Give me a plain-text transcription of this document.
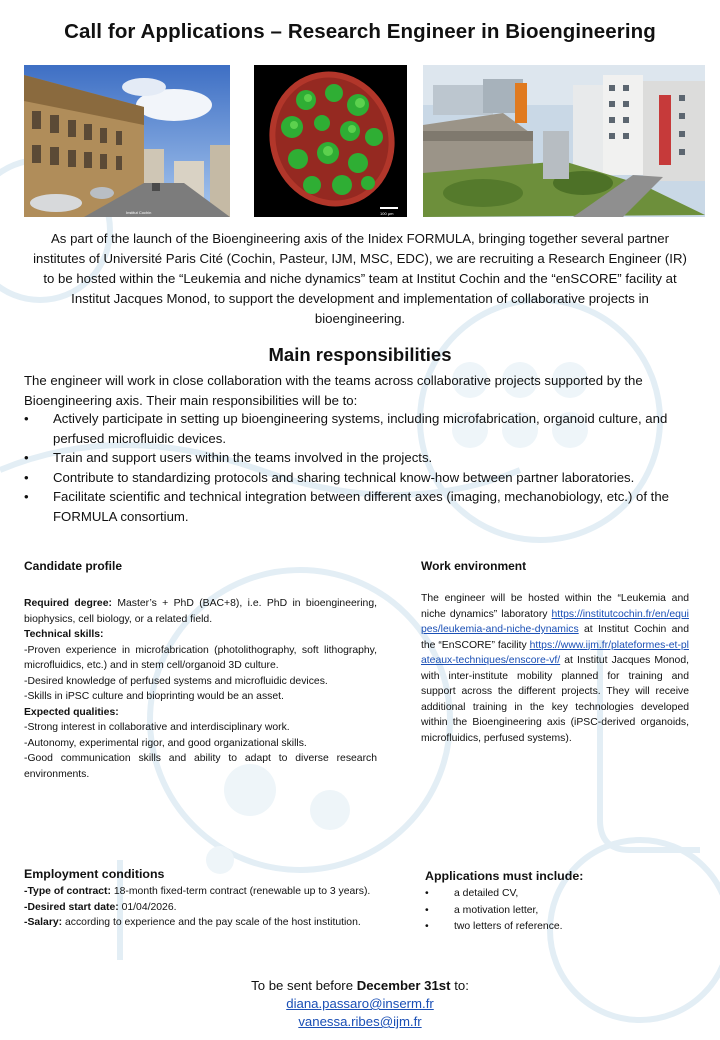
Call for Applications – Research Engineer in Bioengineering
Institut Cochin	100 µm
As part of the launch of the Bioengineering axis of the Inidex FORMULA, bringing together several partner institutes of Université Paris Cité (Cochin, Pasteur, IJM, MSC, EDC), we are recruiting a Research Engineer (IR) to be hosted within the “Leukemia and niche dynamics” team at Institut Cochin and the “enSCORE” facility at Institut Jacques Monod, to support the development and implementation of collaborative projects in bioengineering.
Main responsibilities
The engineer will work in close collaboration with the teams across collaborative projects supported by the Bioengineering axis. Their main responsibilities will be to:
•	Actively participate in setting up bioengineering systems, including microfabrication, organoid culture, and perfused microfluidic devices.
•	Train and support users within the teams involved in the projects.
•	Contribute to standardizing protocols and sharing technical know-how between partner laboratories.
•	Facilitate scientific and technical integration between different axes (imaging, mechanobiology, etc.) of the FORMULA consortium.
Candidate profile
Required degree: Master’s + PhD (BAC+8), i.e. PhD in bioengineering, biophysics, cell biology, or a related field.
Technical skills:
-Proven experience in microfabrication (photolithography, soft lithography, microfluidics, etc.) and in stem cell/organoid 3D culture.
-Desired knowledge of perfused systems and microfluidic devices.
-Skills in iPSC culture and bioprinting would be an asset.
Expected qualities:
-Strong interest in collaborative and interdisciplinary work.
-Autonomy, experimental rigor, and good organizational skills.
-Good communication skills and ability to adapt to diverse research environments.
Work environment
The engineer will be hosted within the “Leukemia and niche dynamics” laboratory https://institutcochin.fr/en/equipes/leukemia-and-niche-dynamics at Institut Cochin and the “EnSCORE” facility https://www.ijm.fr/plateformes-et-plateaux-techniques/enscore-vf/ at Institut Jacques Monod, with inter-institute mobility planned for training and support across the different projects. They will receive additional training in the key technologies developed within the Bioengineering axis (iPSC-derived organoids, microfluidics, perfused systems).
Employment conditions
-Type of contract: 18-month fixed-term contract (renewable up to 3 years).
-Desired start date: 01/04/2026.
-Salary: according to experience and the pay scale of the host institution.
Applications must include:
• a detailed CV,
• a motivation letter,
• two letters of reference.
To be sent before December 31st to:
diana.passaro@inserm.fr
vanessa.ribes@ijm.fr
